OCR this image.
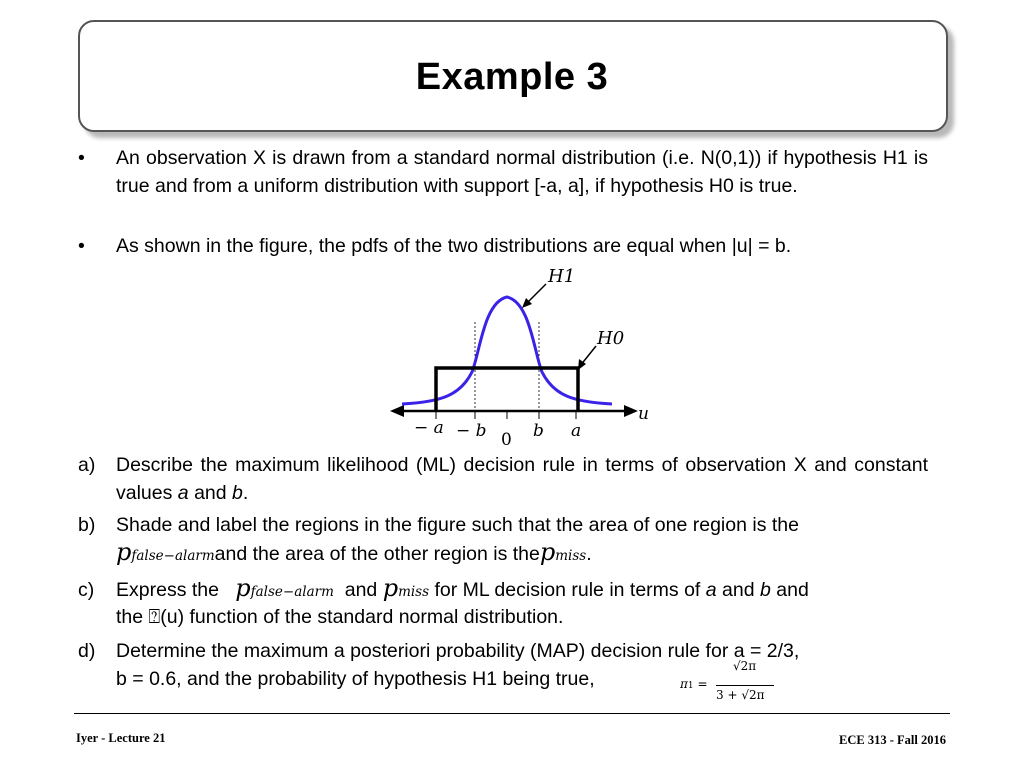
Example 3
• An observation X is drawn from a standard normal distribution (i.e. N(0,1)) if hypothesis H1 is true and from a uniform distribution with support [-a, a], if hypothesis H0 is true.
• As shown in the figure, the pdfs of the two distributions are equal when |u| = b.
H1
H0
u
− a − b 0 b a
a) Describe the maximum likelihood (ML) decision rule in terms of observation X and constant values a and b.
b) Shade and label the regions in the figure such that the area of one region is the
pfalse−alarmand the area of the other region is thepmiss.
c) Express the pfalse−alarm and pmiss for ML decision rule in terms of a and b and
the ⍰(u) function of the standard normal distribution.
d) Determine the maximum a posteriori probability (MAP) decision rule for a = 2/3,
b = 0.6, and the probability of hypothesis H1 being true,	π1 =
√2π
3 + √2π
Iyer - Lecture 21	ECE 313 - Fall 2016
